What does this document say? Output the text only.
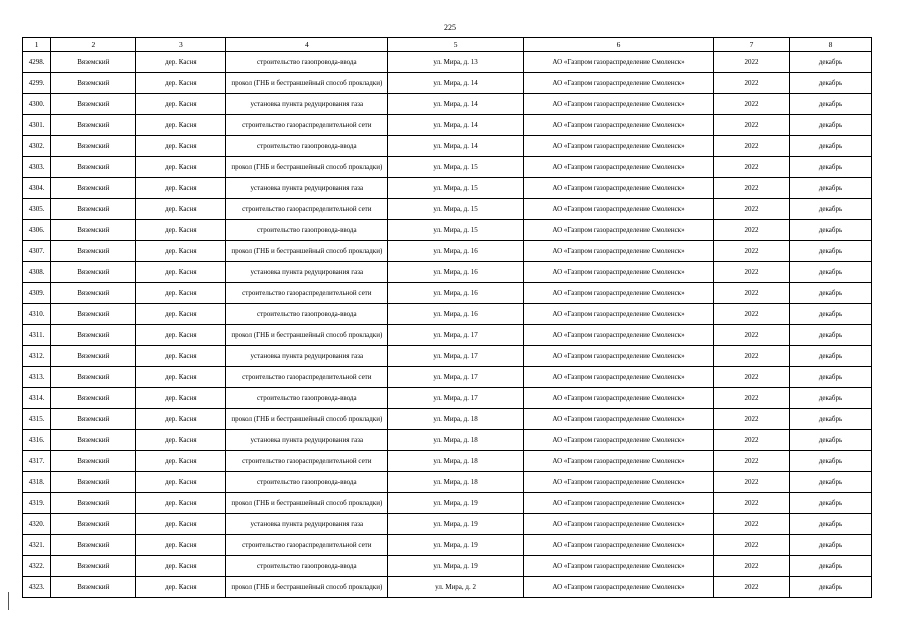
225
1	2	3	4	5	6	7	8
4298.	Вяземский	дер. Касня	строительство газопровода-ввода	ул. Мира, д. 13	АО «Газпром газораспределение Смоленск»	2022	декабрь
4299.	Вяземский	дер. Касня	прокол (ГНБ и бестраншейный способ прокладки)	ул. Мира, д. 14	АО «Газпром газораспределение Смоленск»	2022	декабрь
4300.	Вяземский	дер. Касня	установка пункта редуцирования газа	ул. Мира, д. 14	АО «Газпром газораспределение Смоленск»	2022	декабрь
4301.	Вяземский	дер. Касня	строительство газораспределительной сети	ул. Мира, д. 14	АО «Газпром газораспределение Смоленск»	2022	декабрь
4302.	Вяземский	дер. Касня	строительство газопровода-ввода	ул. Мира, д. 14	АО «Газпром газораспределение Смоленск»	2022	декабрь
4303.	Вяземский	дер. Касня	прокол (ГНБ и бестраншейный способ прокладки)	ул. Мира, д. 15	АО «Газпром газораспределение Смоленск»	2022	декабрь
4304.	Вяземский	дер. Касня	установка пункта редуцирования газа	ул. Мира, д. 15	АО «Газпром газораспределение Смоленск»	2022	декабрь
4305.	Вяземский	дер. Касня	строительство газораспределительной сети	ул. Мира, д. 15	АО «Газпром газораспределение Смоленск»	2022	декабрь
4306.	Вяземский	дер. Касня	строительство газопровода-ввода	ул. Мира, д. 15	АО «Газпром газораспределение Смоленск»	2022	декабрь
4307.	Вяземский	дер. Касня	прокол (ГНБ и бестраншейный способ прокладки)	ул. Мира, д. 16	АО «Газпром газораспределение Смоленск»	2022	декабрь
4308.	Вяземский	дер. Касня	установка пункта редуцирования газа	ул. Мира, д. 16	АО «Газпром газораспределение Смоленск»	2022	декабрь
4309.	Вяземский	дер. Касня	строительство газораспределительной сети	ул. Мира, д. 16	АО «Газпром газораспределение Смоленск»	2022	декабрь
4310.	Вяземский	дер. Касня	строительство газопровода-ввода	ул. Мира, д. 16	АО «Газпром газораспределение Смоленск»	2022	декабрь
4311.	Вяземский	дер. Касня	прокол (ГНБ и бестраншейный способ прокладки)	ул. Мира, д. 17	АО «Газпром газораспределение Смоленск»	2022	декабрь
4312.	Вяземский	дер. Касня	установка пункта редуцирования газа	ул. Мира, д. 17	АО «Газпром газораспределение Смоленск»	2022	декабрь
4313.	Вяземский	дер. Касня	строительство газораспределительной сети	ул. Мира, д. 17	АО «Газпром газораспределение Смоленск»	2022	декабрь
4314.	Вяземский	дер. Касня	строительство газопровода-ввода	ул. Мира, д. 17	АО «Газпром газораспределение Смоленск»	2022	декабрь
4315.	Вяземский	дер. Касня	прокол (ГНБ и бестраншейный способ прокладки)	ул. Мира, д. 18	АО «Газпром газораспределение Смоленск»	2022	декабрь
4316.	Вяземский	дер. Касня	установка пункта редуцирования газа	ул. Мира, д. 18	АО «Газпром газораспределение Смоленск»	2022	декабрь
4317.	Вяземский	дер. Касня	строительство газораспределительной сети	ул. Мира, д. 18	АО «Газпром газораспределение Смоленск»	2022	декабрь
4318.	Вяземский	дер. Касня	строительство газопровода-ввода	ул. Мира, д. 18	АО «Газпром газораспределение Смоленск»	2022	декабрь
4319.	Вяземский	дер. Касня	прокол (ГНБ и бестраншейный способ прокладки)	ул. Мира, д. 19	АО «Газпром газораспределение Смоленск»	2022	декабрь
4320.	Вяземский	дер. Касня	установка пункта редуцирования газа	ул. Мира, д. 19	АО «Газпром газораспределение Смоленск»	2022	декабрь
4321.	Вяземский	дер. Касня	строительство газораспределительной сети	ул. Мира, д. 19	АО «Газпром газораспределение Смоленск»	2022	декабрь
4322.	Вяземский	дер. Касня	строительство газопровода-ввода	ул. Мира, д. 19	АО «Газпром газораспределение Смоленск»	2022	декабрь
4323.	Вяземский	дер. Касня	прокол (ГНБ и бестраншейный способ прокладки)	ул. Мира, д. 2	АО «Газпром газораспределение Смоленск»	2022	декабрь
